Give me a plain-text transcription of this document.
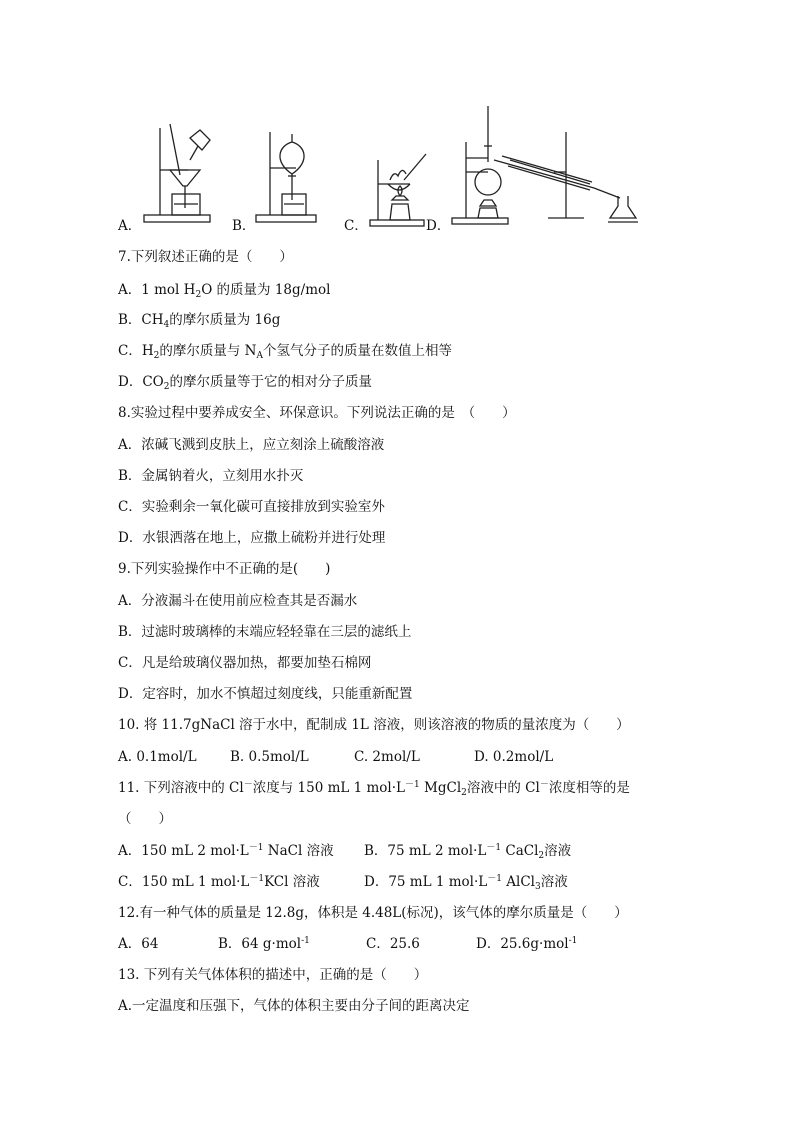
A．	B．	C．	D．
7.下列叙述正确的是（　　）
A．1 mol $H_2O$ 的质量为 18g/mol
B．$CH_4$的摩尔质量为 16g
C．$H_2$的摩尔质量与 $N_A$个氢气分子的质量在数值上相等
D．$CO_2$的摩尔质量等于它的相对分子质量
8.实验过程中要养成安全、环保意识。下列说法正确的是　（　　）
A．浓碱飞溅到皮肤上，应立刻涂上硫酸溶液
B．金属钠着火，立刻用水扑灭
C．实验剩余一氧化碳可直接排放到实验室外
D．水银洒落在地上，应撒上硫粉并进行处理
9.下列实验操作中不正确的是(　　)
A．分液漏斗在使用前应检查其是否漏水
B．过滤时玻璃棒的末端应轻轻靠在三层的滤纸上
C．凡是给玻璃仪器加热，都要加垫石棉网
D．定容时，加水不慎超过刻度线，只能重新配置
10. 将 11.7gNaCl 溶于水中，配制成 1L 溶液，则该溶液的物质的量浓度为（　　）
A. 0.1mol/L B. 0.5mol/L	C. 2mol/L	D. 0.2mol/L
11. 下列溶液中的 Cl－浓度与 150 mL 1 $mol\cdot L^{-1}$ MgCl$_2$溶液中的 Cl－浓度相等的是
（　　）
A．150 mL 2 $mol\cdot L^{-1}$ NaCl 溶液 B．75 mL 2 $mol\cdot L^{-1}$ CaCl$_2$溶液
C．150 mL 1 $mol\cdot L^{-1}KCl$ 溶液	D．75 mL 1 $mol\cdot L^{-1}$ AlCl$_3$溶液
12.有一种气体的质量是 12.8g，体积是 4.48L(标况)，该气体的摩尔质量是（　　）
A．64	B．64 g·mol$^{-1}$	C．25.6	D．25.6g·mol$^{-1}$
13. 下列有关气体体积的描述中，正确的是（　　）
A.一定温度和压强下，气体的体积主要由分子间的距离决定
